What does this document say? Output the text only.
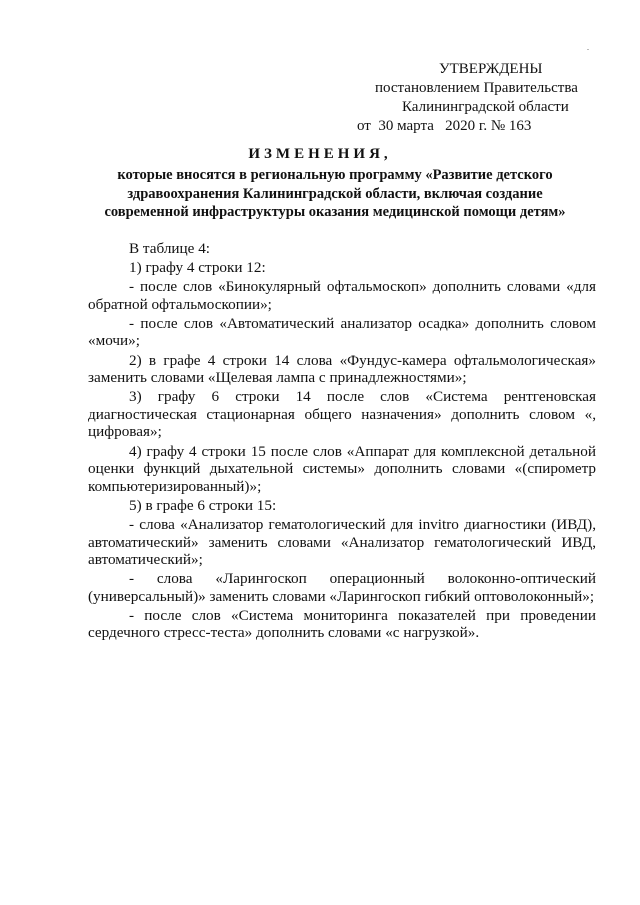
УТВЕРЖДЕНЫ
постановлением Правительства
Калининградской области
от  30 марта   2020 г. № 163
ИЗМЕНЕНИЯ,
которые вносятся в региональную программу «Развитие детского здравоохранения Калининградской области, включая создание современной инфраструктуры оказания медицинской помощи детям»

В таблице 4:

1) графу 4 строки 12:

- после слов «Бинокулярный офтальмоскоп» дополнить словами «для обратной офтальмоскопии»;

- после слов «Автоматический анализатор осадка» дополнить словом «мочи»;

2) в графе 4 строки 14 слова «Фундус-камера офтальмологическая» заменить словами «Щелевая лампа с принадлежностями»;

3) графу 6 строки 14 после слов «Система рентгеновская диагностическая стационарная общего назначения» дополнить словом «, цифровая»;

4) графу 4 строки 15 после слов «Аппарат для комплексной детальной оценки функций дыхательной системы» дополнить словами «(спирометр компьютеризированный)»;

5) в графе 6 строки 15:

- слова «Анализатор гематологический для invitro диагностики (ИВД), автоматический» заменить словами «Анализатор гематологический ИВД, автоматический»;

- слова «Ларингоскоп операционный волоконно-оптический (универсальный)» заменить словами «Ларингоскоп гибкий оптоволоконный»;

- после слов «Система мониторинга показателей при проведении сердечного стресс-теста» дополнить словами «с нагрузкой».
